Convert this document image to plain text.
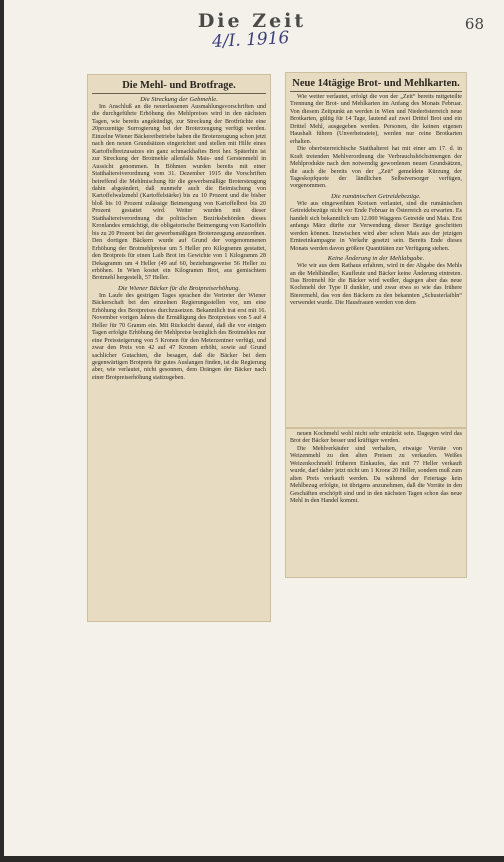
Die Zeit	68
4/I. 1916
Die Mehl- und Brotfrage.
Die Streckung der Gebmehle.

Im Anschluß an die neuerlassenen Ausmahlungsvorschriften und die durchgeführte Erhöhung des Mehlpreises wird in den nächsten Tagen, wie bereits angekündigt, zur Streckung der Brotfrüchte eine 20prozentige Surrogierung bei der Broterzeugung verfügt werden. Einzelne Wiener Bäckereibetriebe haben die Broterzeugung schon jetzt nach den neuen Grundsätzen eingerichtet und stellen mit Hilfe eines Kartoffelbreizusatzes ein ganz schmackhaftes Brot her. Späterhin ist zur Streckung der Brotmehle allenfalls Mais- und Gerstenmehl in Aussicht genommen. In Böhmen wurden bereits mit einer Statthaltereiverordnung vom 31. Dezember 1915 die Vorschriften betreffend die Mehlmischung für die gewerbsmäßige Brotersteugung dahin abgeändert, daß nunmehr auch die Beimischung von Kartoffelwalzmehl (Kartoffelstärke) bis zu 10 Prozent und die bisher bloß bis 10 Prozent zulässige Beimengung von Kartoffelbrei bis 20 Prozent gestattet wird. Weiter wurden mit dieser Statthaltereiverordnung die politischen Bezirksbehörden dieses Kronlandes ermächtigt, die obligatorische Beimengung von Kartoffeln bis zu 20 Prozent bei der gewerbsmäßigen Broterzeugung anzuordnen. Den dortigen Bäckern wurde auf Grund der vorgenommenen Erhöhung der Brotmehlpreise um 5 Heller pro Kilogramm gestattet, den Brotpreis für einen Laib Brot im Gewichte von 1 Kilogramm 28 Dekagramm um 4 Heller (49 auf 60, beziehungsweise 56 Heller zu erhöhen. In Wien kostet ein Kilogramm Brot, aus gemischtem Brotmehl hergestellt, 57 Heller.

Die Wiener Bäcker für die Brotpreiserhöhung.

Im Laufe des gestrigen Tages sprachen die Vertreter der Wiener Bäckerschaft bei den einzelnen Regierungsstellen vor, um eine Erhöhung des Brotpreises durchzusetzen. Bekanntlich trat erst mit 16. November vorigen Jahres die Ermäßigung des Brotpreises von 5 auf 4 Heller für 70 Gramm ein. Mit Rücksicht darauf, daß die vor einigen Tagen erfolgte Erhöhung der Mehlpreise bezüglich des Brotmehles nur eine Preissteigerung von 5 Kronen für den Meterzentner verfügt, und zwar den Preis von 42 auf 47 Kronen erhöht, sowie auf Grund sachlicher Gutachten, die besagen, daß die Bäcker bei dem gegenwärtigen Brotpreis für gutes Auslangen finden, ist die Regierung aber, wie verlautet, nicht gesonnen, dem Drängen der Bäcker nach einer Brotpreiserhöhung stattzugeben.

Neue 14tägige Brot- und Mehlkarten.

Wie weiter verlautet, erfolgt die von der „Zeit“ bereits mitgeteilte Trennung der Brot- und Mehlkarten im Anfang des Monats Februar. Von diesem Zeitpunkt an werden in Wien und Niederösterreich neue Brotkarten, gültig für 14 Tage, lautend auf zwei Drittel Brot und ein Drittel Mehl, ausgegeben werden. Personen, die keinen eigenen Haushalt führen (Unverheiratete), werden nur reine Brotkarten erhalten.

Die oberösterreichische Statthalterei hat mit einer am 17. d. in Kraft tretenden Mehlverordnung die Verbrauchshöchstmengen der Mehlprodukte nach den notwendig gewordenen neuen Grundsätzen, die auch die bereits von der „Zeit“ gemeldete Kürzung der Tageskopfquote der ländlichen Selbstversorger verfügen, vorgenommen.

Die rumänischen Getreidebezüge.

Wie aus eingeweihten Kreisen verlautet, sind die rumänischen Getreidebezüge nicht vor Ende Februar in Österreich zu erwarten. Es handelt sich bekanntlich um 12.000 Waggons Getreide und Mais. Erst anfangs März dürfte zur Verwendung dieser Bezüge geschritten werden können. Inzwischen wird aber schon Mais aus der jetzigen Ernteeinkampagne in Verkehr gesetzt sein. Bereits Ende dieses Monats werden davon größere Quantitäten zur Verfügung stehen.

Keine Änderung in der Mehlabgabe.

Wie wir aus dem Rathaus erfahren, wird in der Abgabe des Mehls an die Mehlhändler, Kaufleute und Bäcker keine Änderung eintreten. Das Brotmehl für die Bäcker wird weißer, dagegen aber das neue Kochmehl der Type II dunkler, und zwar etwa so wie das frühere Bierermehl, das von den Bäckern zu den bekannten „Schusterlaibln“ verwendet wurde. Die Hausfrauen werden von dem

neuen Kochmehl wohl nicht sehr entzückt sein. Dagegen wird das Brot der Bäcker besser und kräftiger werden.

Die Mehlverkäufer sind verhalten, etwaige Vorräte von Weizenmehl zu den alten Preisen zu verkaufen. Weißes Weizenkochmehl früheren Einkaufes, das mit 77 Heller verkauft wurde, darf daher jetzt nicht um 1 Krone 20 Heller, sondern muß zum alten Preis verkauft werden. Da während der Feiertage kein Mehlbezug erfolgte, ist übrigens anzunehmen, daß die Vorräte in den Geschäften erschöpft sind und in den nächsten Tagen schon das neue Mehl in den Handel kommt.
